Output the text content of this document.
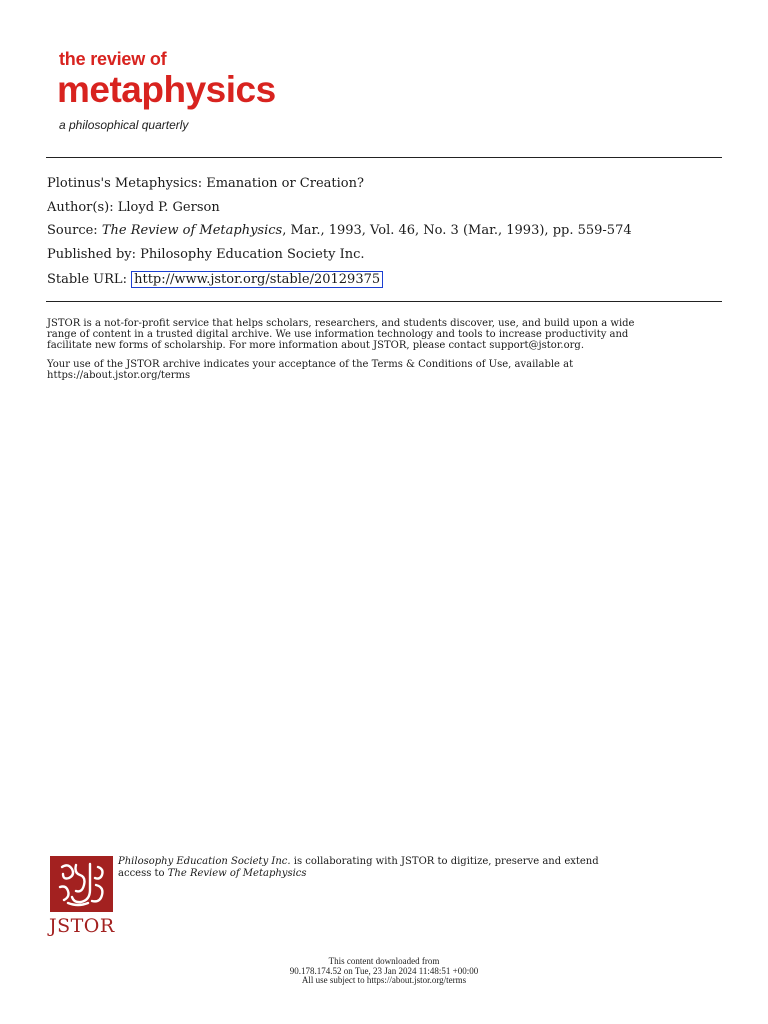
the review of
metaphysics
a philosophical quarterly
Plotinus's Metaphysics: Emanation or Creation?
Author(s): Lloyd P. Gerson
Source: The Review of Metaphysics, Mar., 1993, Vol. 46, No. 3 (Mar., 1993), pp. 559-574
Published by: Philosophy Education Society Inc.
Stable URL: http://www.jstor.org/stable/20129375
JSTOR is a not-for-profit service that helps scholars, researchers, and students discover, use, and build upon a wide
range of content in a trusted digital archive. We use information technology and tools to increase productivity and
facilitate new forms of scholarship. For more information about JSTOR, please contact support@jstor.org.
Your use of the JSTOR archive indicates your acceptance of the Terms & Conditions of Use, available at
https://about.jstor.org/terms
JSTOR
Philosophy Education Society Inc. is collaborating with JSTOR to digitize, preserve and extend
access to The Review of Metaphysics
This content downloaded from
90.178.174.52 on Tue, 23 Jan 2024 11:48:51 +00:00
All use subject to https://about.jstor.org/terms
